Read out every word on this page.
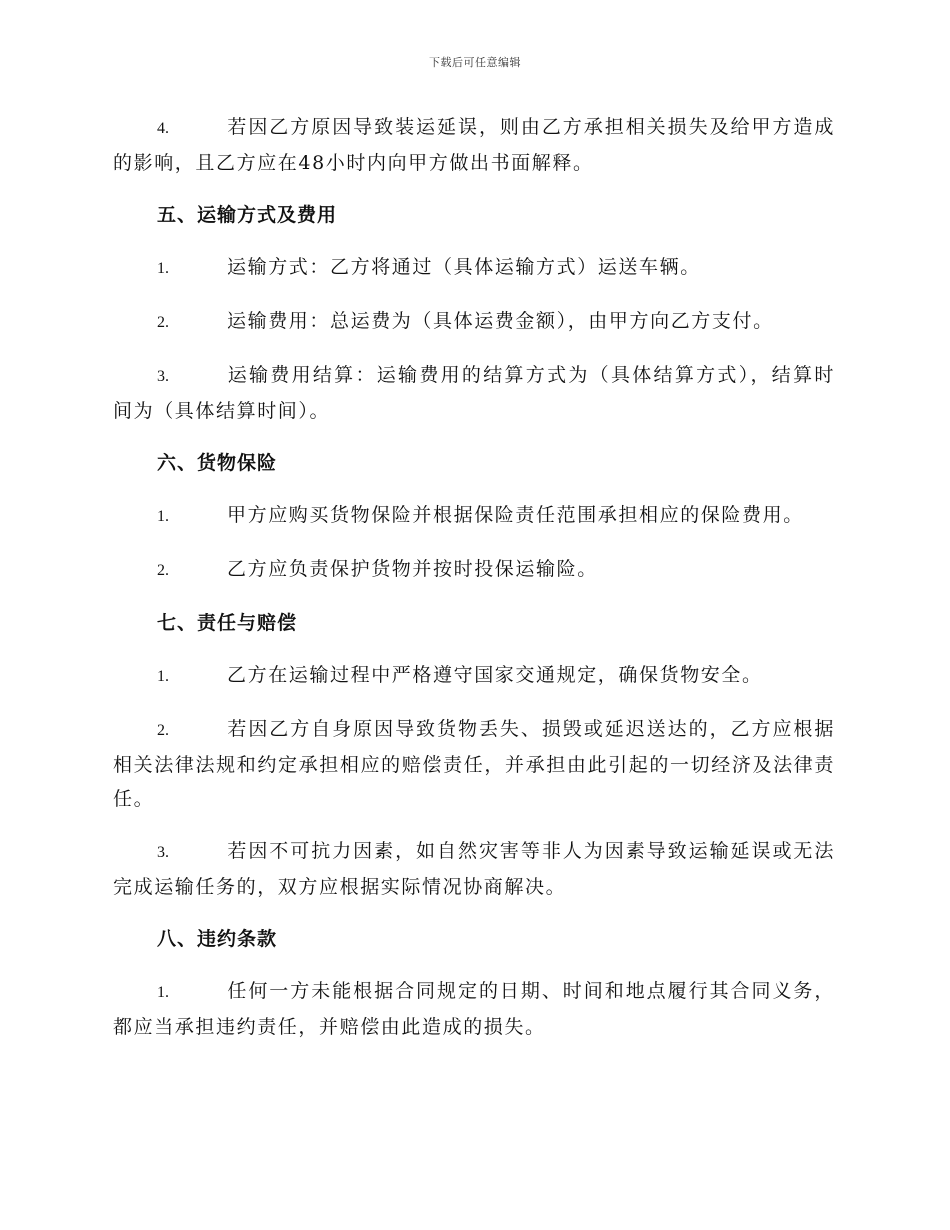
下载后可任意编辑

4.	若因乙方原因导致装运延误，则由乙方承担相关损失及给甲方造成的影响，且乙方应在48小时内向甲方做出书面解释。

五、运输方式及费用

1.	运输方式：乙方将通过（具体运输方式）运送车辆。

2.	运输费用：总运费为（具体运费金额），由甲方向乙方支付。

3.	运输费用结算：运输费用的结算方式为（具体结算方式），结算时间为（具体结算时间）。

六、货物保险

1.	甲方应购买货物保险并根据保险责任范围承担相应的保险费用。

2.	乙方应负责保护货物并按时投保运输险。

七、责任与赔偿

1.	乙方在运输过程中严格遵守国家交通规定，确保货物安全。

2.	若因乙方自身原因导致货物丢失、损毁或延迟送达的，乙方应根据相关法律法规和约定承担相应的赔偿责任，并承担由此引起的一切经济及法律责任。

3.	若因不可抗力因素，如自然灾害等非人为因素导致运输延误或无法完成运输任务的，双方应根据实际情况协商解决。

八、违约条款

1.	任何一方未能根据合同规定的日期、时间和地点履行其合同义务，都应当承担违约责任，并赔偿由此造成的损失。
